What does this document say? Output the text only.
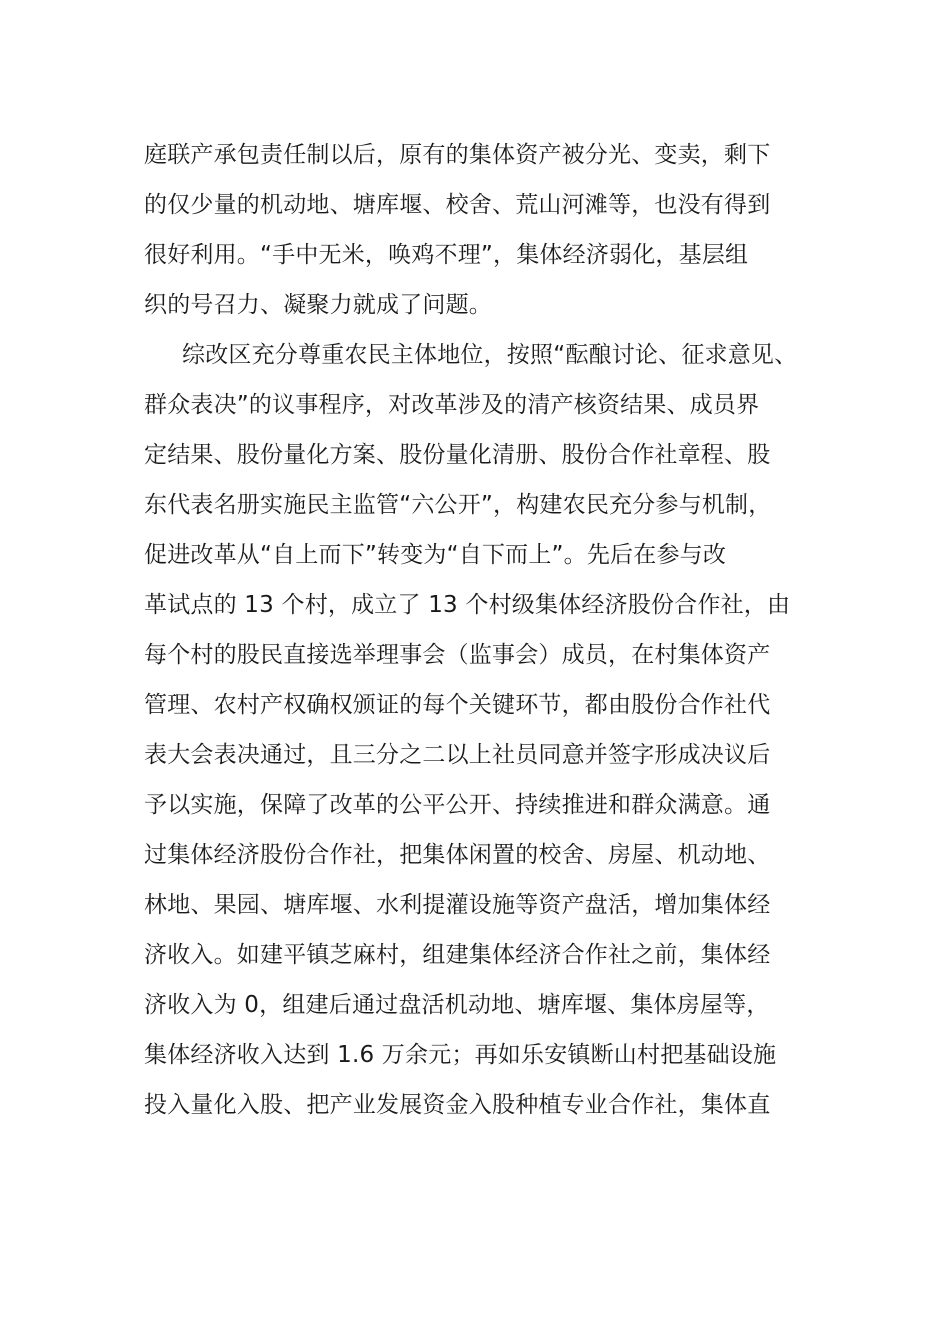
庭联产承包责任制以后，原有的集体资产被分光、变卖，剩下
的仅少量的机动地、塘库堰、校舍、荒山河滩等，也没有得到
很好利用。“手中无米，唤鸡不理”，集体经济弱化，基层组
织的号召力、凝聚力就成了问题。
综改区充分尊重农民主体地位，按照“酝酿讨论、征求意见、
群众表决”的议事程序，对改革涉及的清产核资结果、成员界
定结果、股份量化方案、股份量化清册、股份合作社章程、股
东代表名册实施民主监管“六公开”，构建农民充分参与机制，
促进改革从“自上而下”转变为“自下而上”。先后在参与改
革试点的 13 个村，成立了 13 个村级集体经济股份合作社，由
每个村的股民直接选举理事会（监事会）成员，在村集体资产
管理、农村产权确权颁证的每个关键环节，都由股份合作社代
表大会表决通过，且三分之二以上社员同意并签字形成决议后
予以实施，保障了改革的公平公开、持续推进和群众满意。通
过集体经济股份合作社，把集体闲置的校舍、房屋、机动地、
林地、果园、塘库堰、水利提灌设施等资产盘活，增加集体经
济收入。如建平镇芝麻村，组建集体经济合作社之前，集体经
济收入为 0，组建后通过盘活机动地、塘库堰、集体房屋等，
集体经济收入达到 1.6 万余元；再如乐安镇断山村把基础设施
投入量化入股、把产业发展资金入股种植专业合作社，集体直
